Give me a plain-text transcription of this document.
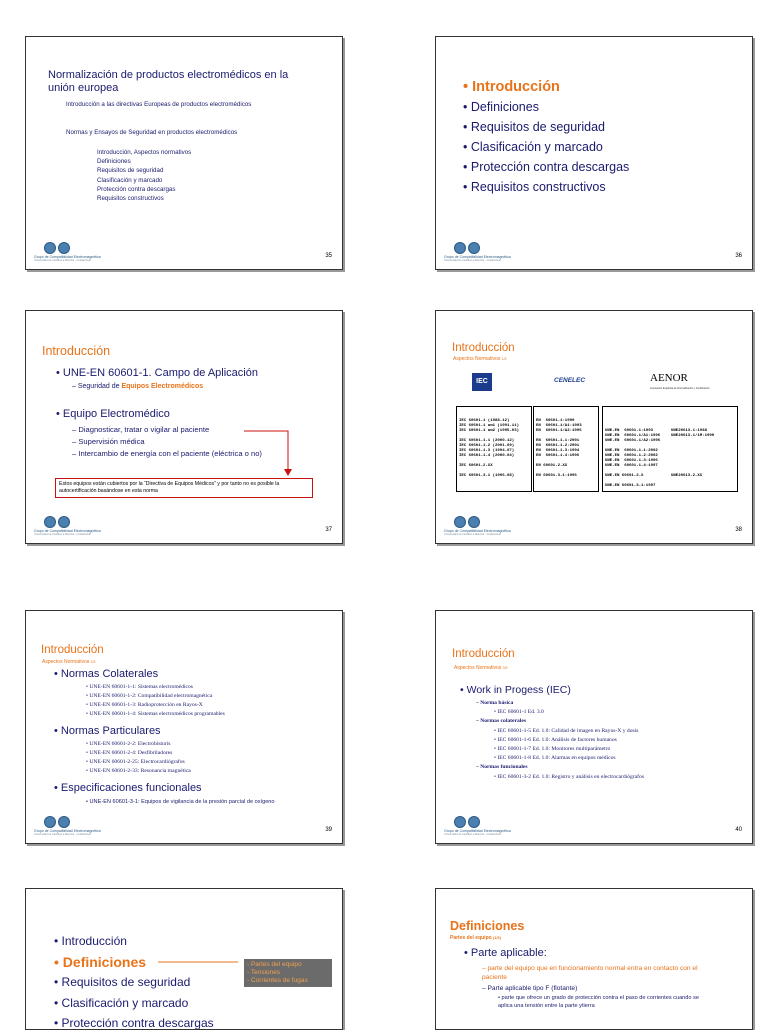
Normalización de productos electromédicos en la unión europea
Introducción a las directivas Europeas de productos electromédicos
Normas y Ensayos de Seguridad en productos electromédicos
Introducción, Aspectos normativos
Definiciones
Requisitos de seguridad
Clasificación y marcado
Protección contra descargas
Requisitos constructivos
Grupo de Compatibilidad Electromagnética
Universidad de Castilla-La Mancha · Ciudad Real
35
• Introducción
• Definiciones
• Requisitos de seguridad
• Clasificación y marcado
• Protección contra descargas
• Requisitos constructivos
Grupo de Compatibilidad Electromagnética
Universidad de Castilla-La Mancha · Ciudad Real
36
Introducción
• UNE-EN 60601-1. Campo de Aplicación
– Seguridad de Equipos Electromédicos
• Equipo Electromédico
– Diagnosticar, tratar o vigilar al paciente
– Supervisión médica
– Intercambio de energía con el paciente (eléctrica o no)
Estos equipos están cubiertos por la “Directiva de Equipos Médicos” y por tanto no es posible la autocertificación basándose en esta norma
Grupo de Compatibilidad Electromagnética
Universidad de Castilla-La Mancha · Ciudad Real
37
Introducción
Aspectos Normativos 1/3
IEC	CENELEC	AENOR
Asociación Española de Normalización y Certificación

IEC 60601-1 (1988-12)
IEC 60601-1 am1 (1991-11)
IEC 60601-1 am2 (1995-03)

IEC 60601-1-1 (2000-12)
IEC 60601-1-2 (2001-09)
IEC 60601-1-3 (1994-07)
IEC 60601-1-4 (2000-04)

IEC 60601-2-XX

IEC 60601-3-1 (1996-08)

EN  60601-1:1990
EN  60601-1/A1:1993
EN  60601-1/A2:1995

EN  60601-1-1:2001
EN  60601-1-2:2001
EN  60601-1-3:1994
EN  60601-1-4:1996

EN 60601-2-XX

EN 60601-3-1:1996

UNE-EN  60601-1:1993
UNE-EN  60601-1/A1:1996
UNE-EN  60601-1/A2:1996

UNE-EN  60601-1-1:2002
UNE-EN  60601-1-2:2002
UNE-EN  60601-1-3:1996
UNE-EN  60601-1-4:1997

UNE-EN 60601-2-X

UNE-EN 60601-3-1:1997

UNE20613-1:1988
UNE20613-1/1M:1990

UNE20613-2-XX

Grupo de Compatibilidad Electromagnética
Universidad de Castilla-La Mancha · Ciudad Real
38
Introducción
Aspectos Normativos 2/3
• Normas Colaterales
• UNE-EN 60601-1-1: Sistemas electromédicos
• UNE-EN 60601-1-2: Compatibilidad electromagnética
• UNE-EN 60601-1-3: Radioprotección en Rayos-X
• UNE-EN 60601-1-4: Sistemas electromédicos programables
• Normas Particulares
• UNE-EN 60601-2-2: Electrobisturís
• UNE-EN 60601-2-4: Desfibriladores
• UNE-EN 60601-2-25: Electrocardiógrafos
• UNE-EN 60601-2-33: Resonancia magnética
• Especificaciones funcionales
• UNE-EN 60601-3-1: Equipos de vigilancia de la presión parcial de oxígeno
Grupo de Compatibilidad Electromagnética
Universidad de Castilla-La Mancha · Ciudad Real
39
Introducción
Aspectos Normativos 3/3
• Work in Progess (IEC)
– Norma básica
• IEC 60601-1 Ed. 3.0
– Normas colaterales
• IEC 60601-1-5 Ed. 1.0: Calidad de imagen en Rayos-X y dosis
• IEC 60601-1-6 Ed. 1.0: Análisis de factores humanos
• IEC 60601-1-7 Ed. 1.0: Monitores multiparámetro
• IEC 60601-1-8 Ed. 1.0: Alarmas en equipos médicos
– Normas funcionales
• IEC 60601-3-2 Ed. 1.0: Registro y análisis en electrocardiógrafos
Grupo de Compatibilidad Electromagnética
Universidad de Castilla-La Mancha · Ciudad Real
40
• Introducción
• Definiciones
• Requisitos de seguridad
• Clasificación y marcado
• Protección contra descargas
- Partes del equipo
- Tensiones
- Corrientes de fugas
Definiciones
Partes del equipo (1/3)
• Parte aplicable:
– parte del equipo que en funcionamiento normal entra en contacto con el paciente
– Parte aplicable tipo F (flotante)
• parte que ofrece un grado de protección contra el paso de corrientes cuando se aplica una tensión entre la parte ytierra
